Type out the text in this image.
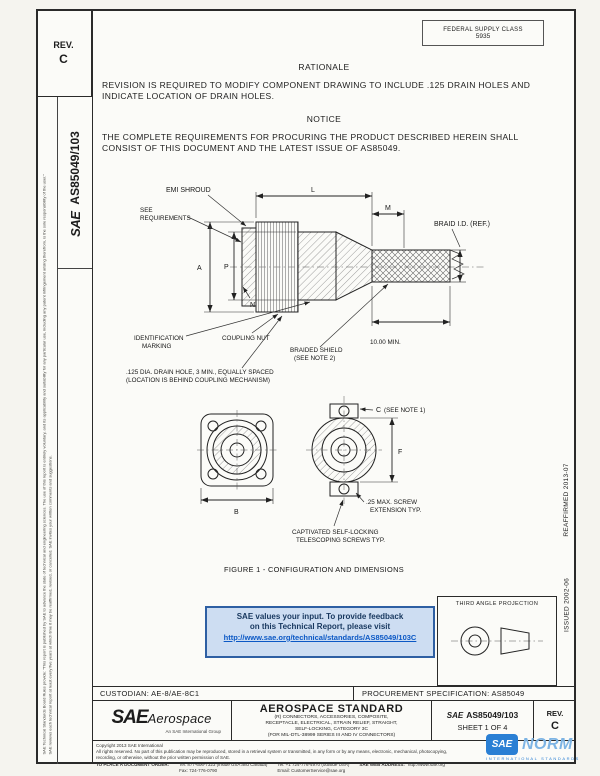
REV.
C
SAE Technical Standards Board Rules provide: "This report is published by SAE to advance the state of technical and engineering sciences. The use of this report is entirely voluntary, and its applicability and suitability for any particular use, including any patent infringement arising therefrom, is the sole responsibility of the user." SAE reviews each technical report at least every five years at which time it may be reaffirmed, revised, or cancelled. SAE invites your written comments and suggestions.
SAE
AS85049/103
REAFFIRMED 2013-07
ISSUED 2002-06
FEDERAL SUPPLY CLASS
5935
RATIONALE
REVISION IS REQUIRED TO MODIFY COMPONENT DRAWING TO INCLUDE .125 DRAIN HOLES AND INDICATE LOCATION OF DRAIN HOLES.
NOTICE
THE COMPLETE REQUIREMENTS FOR PROCURING THE PRODUCT DESCRIBED HEREIN SHALL CONSIST OF THIS DOCUMENT AND THE LATEST ISSUE OF AS85049.
L
M
BRAID I.D. (REF.)
A	P
N
EMI SHROUD
SEE
REQUIREMENTS
IDENTIFICATION
MARKING
COUPLING NUT
BRAIDED SHIELD
(SEE NOTE 2)
10.00 MIN.
.125 DIA. DRAIN HOLE, 3 MIN., EQUALLY SPACED
(LOCATION IS BEHIND COUPLING MECHANISM)
B
C (SEE NOTE 1)
F
.25 MAX. SCREW
EXTENSION TYP.
CAPTIVATED SELF-LOCKING
TELESCOPING SCREWS TYP.
FIGURE 1 - CONFIGURATION AND DIMENSIONS
SAE values your input. To provide feedback
on this Technical Report, please visit
http://www.sae.org/technical/standards/AS85049/103C
THIRD ANGLE PROJECTION
CUSTODIAN: AE-8/AE-8C1	PROCUREMENT SPECIFICATION: AS85049
SAE Aerospace
An SAE International Group
AEROSPACE STANDARD
(R) CONNECTORS, ACCESSORIES, COMPOSITE,
RECEPTACLE, ELECTRICAL, STRAIN RELIEF, STRAIGHT,
SELF-LOCKING, CATEGORY 3C
(FOR MIL-DTL-38999 SERIES III AND IV CONNECTORS)
SAE AS85049/103
SHEET 1 OF 4
REV.
C
Copyright 2013 SAE International
All rights reserved. No part of this publication may be reproduced, stored in a retrieval system or transmitted, in any form or by any means, electronic, mechanical, photocopying,
recording, or otherwise, without the prior written permission of SAE.
TO PLACE A DOCUMENT ORDER: Tel: 877-606-7323 (inside USA and Canada)
Fax: 724-776-0790
Tel: +1 724-776-4970 (outside USA)
Email: CustomerService@sae.org
SAE WEB ADDRESS: http://www.sae.org
SAE NORM
INTERNATIONAL STANDARDS
